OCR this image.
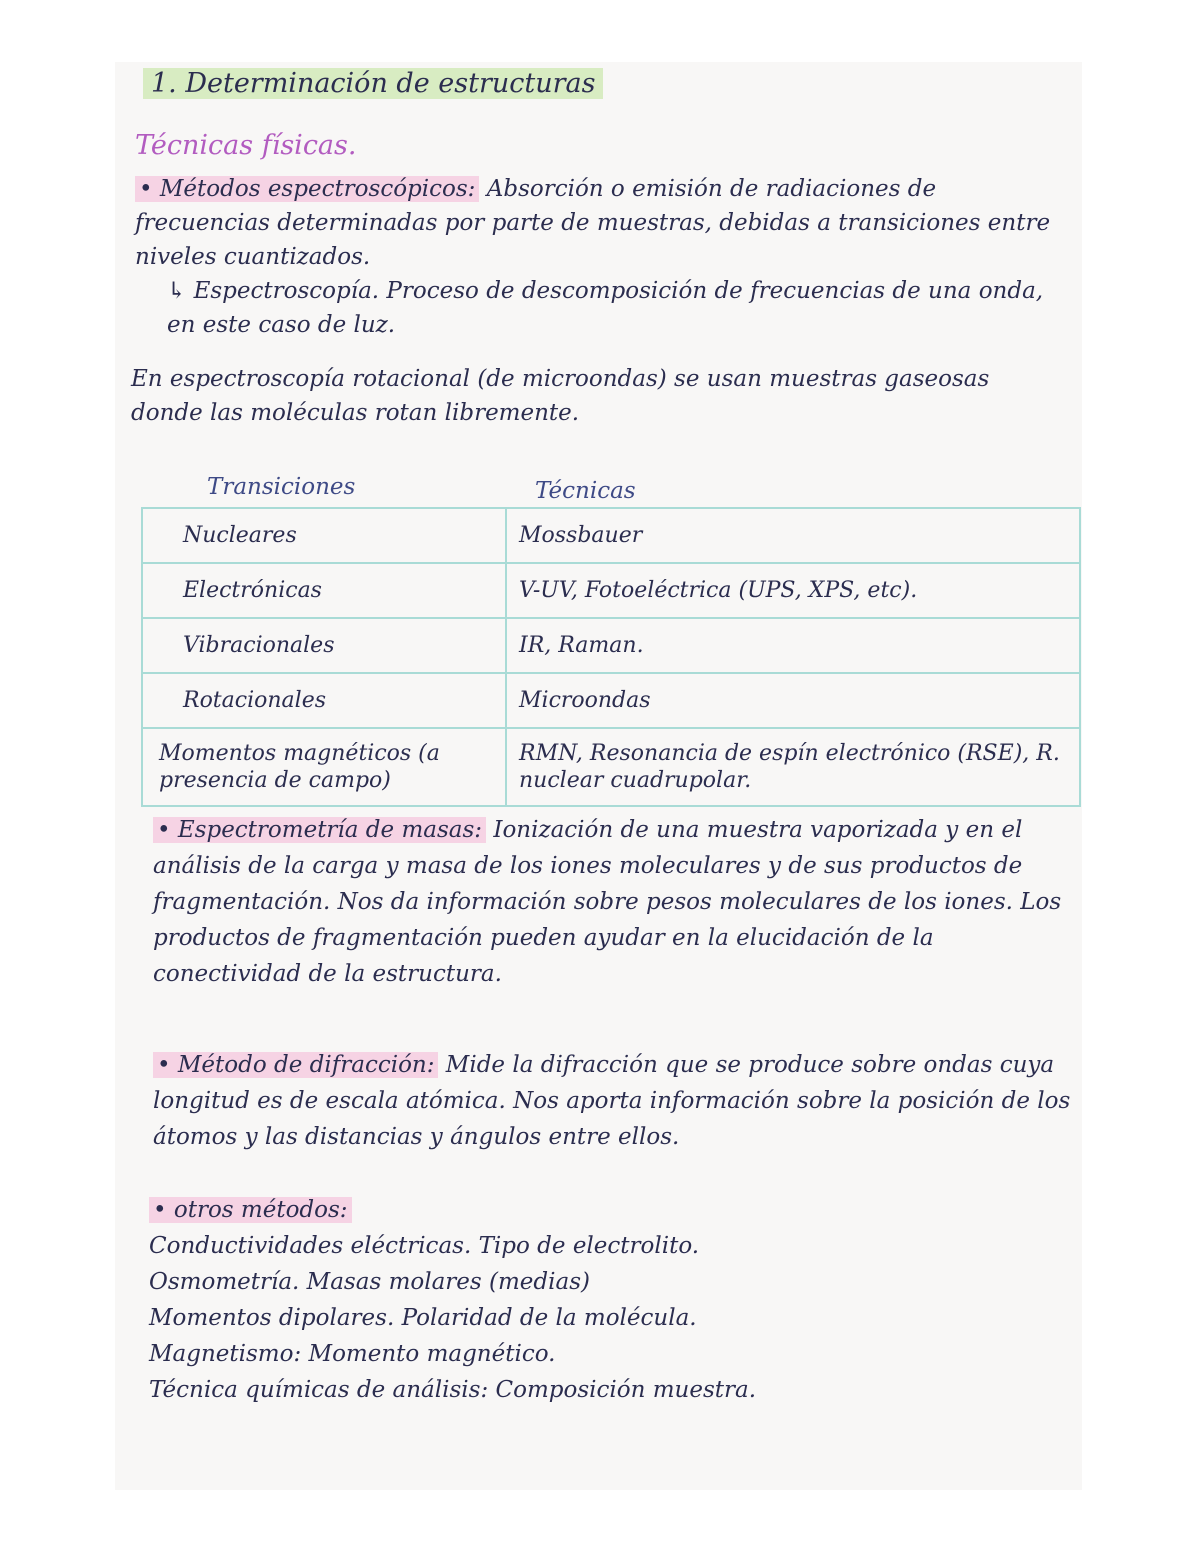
1. Determinación de estructuras
Técnicas físicas.

• Métodos espectroscópicos: Absorción o emisión de radiaciones de frecuencias determinadas por parte de muestras, debidas a transiciones entre niveles cuantizados.

↳ Espectroscopía. Proceso de descomposición de frecuencias de una onda, en este caso de luz.

En espectroscopía rotacional (de microondas) se usan muestras gaseosas donde las moléculas rotan libremente.

Transiciones	Técnicas
Nucleares	Mossbauer
Electrónicas	V-UV, Fotoeléctrica (UPS, XPS, etc).
Vibracionales	IR, Raman.
Rotacionales	Microondas
Momentos magnéticos (a presencia de campo)	RMN, Resonancia de espín electrónico (RSE), R. nuclear cuadrupolar.

• Espectrometría de masas: Ionización de una muestra vaporizada y en el análisis de la carga y masa de los iones moleculares y de sus productos de fragmentación. Nos da información sobre pesos moleculares de los iones. Los productos de fragmentación pueden ayudar en la elucidación de la conectividad de la estructura.

• Método de difracción: Mide la difracción que se produce sobre ondas cuya longitud es de escala atómica. Nos aporta información sobre la posición de los átomos y las distancias y ángulos entre ellos.

• otros métodos:
Conductividades eléctricas. Tipo de electrolito.
Osmometría. Masas molares (medias)
Momentos dipolares. Polaridad de la molécula.
Magnetismo: Momento magnético.
Técnica químicas de análisis: Composición muestra.
